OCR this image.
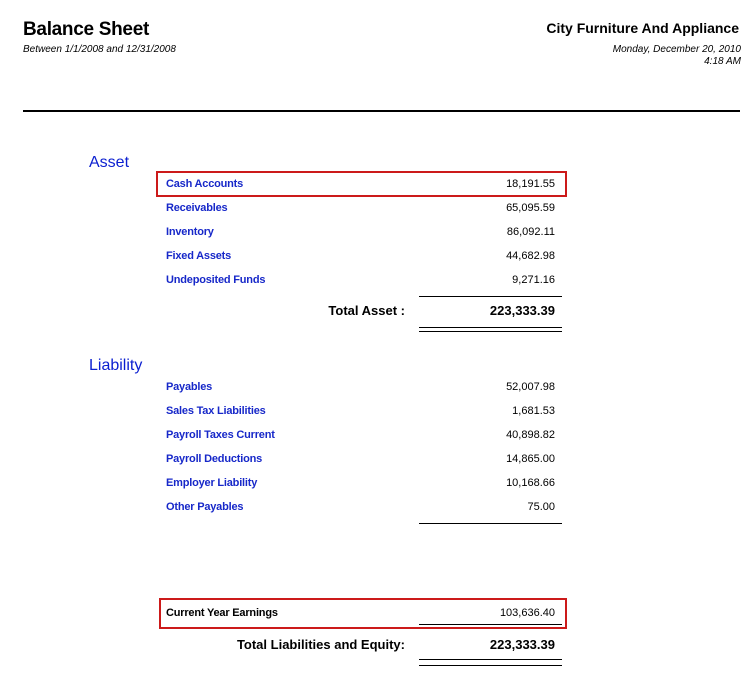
Balance Sheet
Between 1/1/2008 and 12/31/2008
City Furniture And Appliance
Monday, December 20, 2010
4:18 AM
Asset
Cash Accounts	18,191.55
Receivables	65,095.59
Inventory	86,092.11
Fixed Assets	44,682.98
Undeposited Funds	9,271.16
Total Asset :	223,333.39
Liability
Payables	52,007.98
Sales Tax Liabilities	1,681.53
Payroll Taxes Current	40,898.82
Payroll Deductions	14,865.00
Employer Liability	10,168.66
Other Payables	75.00
Current Year Earnings	103,636.40
Total Liabilities and Equity:	223,333.39
